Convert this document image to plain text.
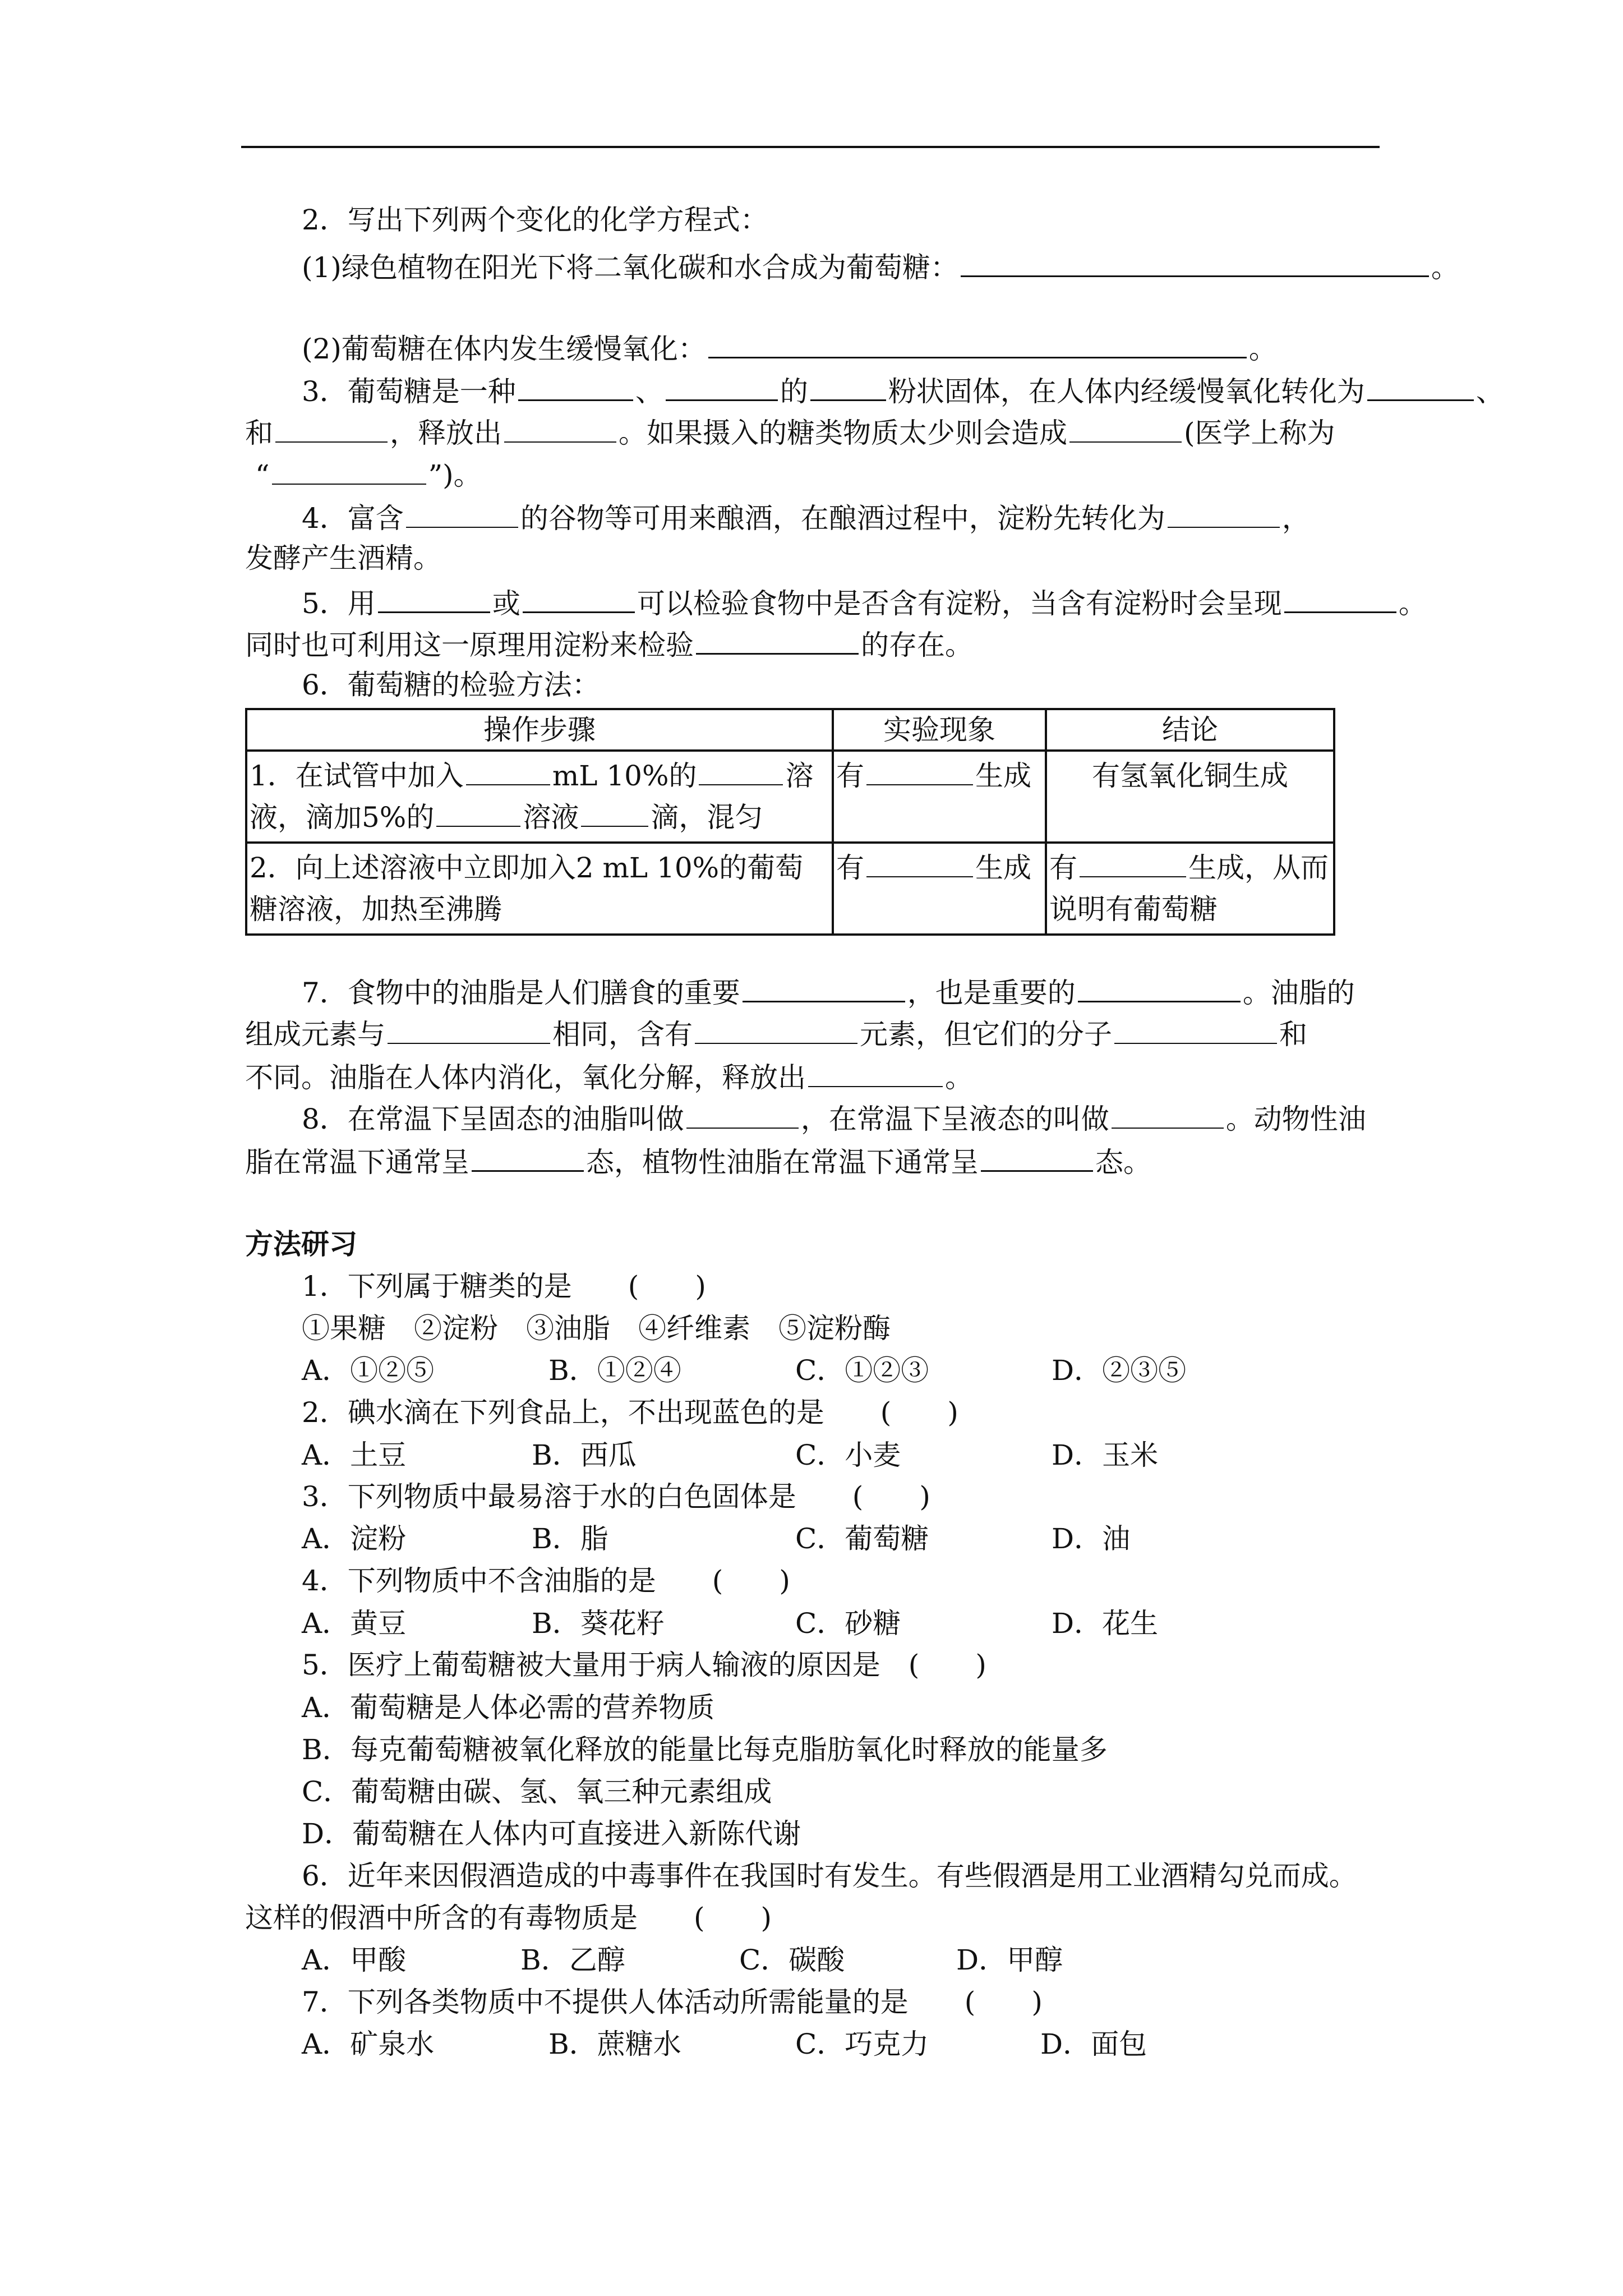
2．写出下列两个变化的化学方程式：
(1)绿色植物在阳光下将二氧化碳和水合成为葡萄糖：	。
(2)葡萄糖在体内发生缓慢氧化：	。
3．葡萄糖是一种	、	的	粉状固体，在人体内经缓慢氧化转化为	、
和	，释放出	。如果摄入的糖类物质太少则会造成	(医学上称为
“	”)。
4．富含	的谷物等可用来酿酒，在酿酒过程中，淀粉先转化为	，
发酵产生酒精。
5．用	或	可以检验食物中是否含有淀粉，当含有淀粉时会呈现	。
同时也可利用这一原理用淀粉来检验	的存在。
6．葡萄糖的检验方法：
操作步骤	实验现象	结论
1．在试管中加入 mL 10%的 溶液，滴加5%的 溶液 滴，混匀	有 生成	有氢氧化铜生成
2．向上述溶液中立即加入2 mL 10%的葡萄糖溶液，加热至沸腾	有 生成	有 生成，从而说明有葡萄糖
7．食物中的油脂是人们膳食的重要	，也是重要的	。油脂的
组成元素与	相同，含有	元素，但它们的分子	和
不同。油脂在人体内消化，氧化分解，释放出	。
8．在常温下呈固态的油脂叫做	，在常温下呈液态的叫做	。动物性油
脂在常温下通常呈	态，植物性油脂在常温下通常呈	态。
方法研习
1．下列属于糖类的是　　(　　)
①果糖　②淀粉　③油脂　④纤维素　⑤淀粉酶
A．①②⑤	B．①②④	C．①②③	D．②③⑤
2．碘水滴在下列食品上，不出现蓝色的是　　(　　)
A．土豆	B．西瓜	C．小麦	D．玉米
3．下列物质中最易溶于水的白色固体是　　(　　)
A．淀粉	B．脂	C．葡萄糖	D．油
4．下列物质中不含油脂的是　　(　　)
A．黄豆	B．葵花籽	C．砂糖	D．花生
5．医疗上葡萄糖被大量用于病人输液的原因是　(　　)
A．葡萄糖是人体必需的营养物质
B．每克葡萄糖被氧化释放的能量比每克脂肪氧化时释放的能量多
C．葡萄糖由碳、氢、氧三种元素组成
D．葡萄糖在人体内可直接进入新陈代谢
6．近年来因假酒造成的中毒事件在我国时有发生。有些假酒是用工业酒精勾兑而成。
这样的假酒中所含的有毒物质是　　(　　)
A．甲酸	B．乙醇	C．碳酸	D．甲醇
7．下列各类物质中不提供人体活动所需能量的是　　(　　)
A．矿泉水	B．蔗糖水	C．巧克力	D．面包
